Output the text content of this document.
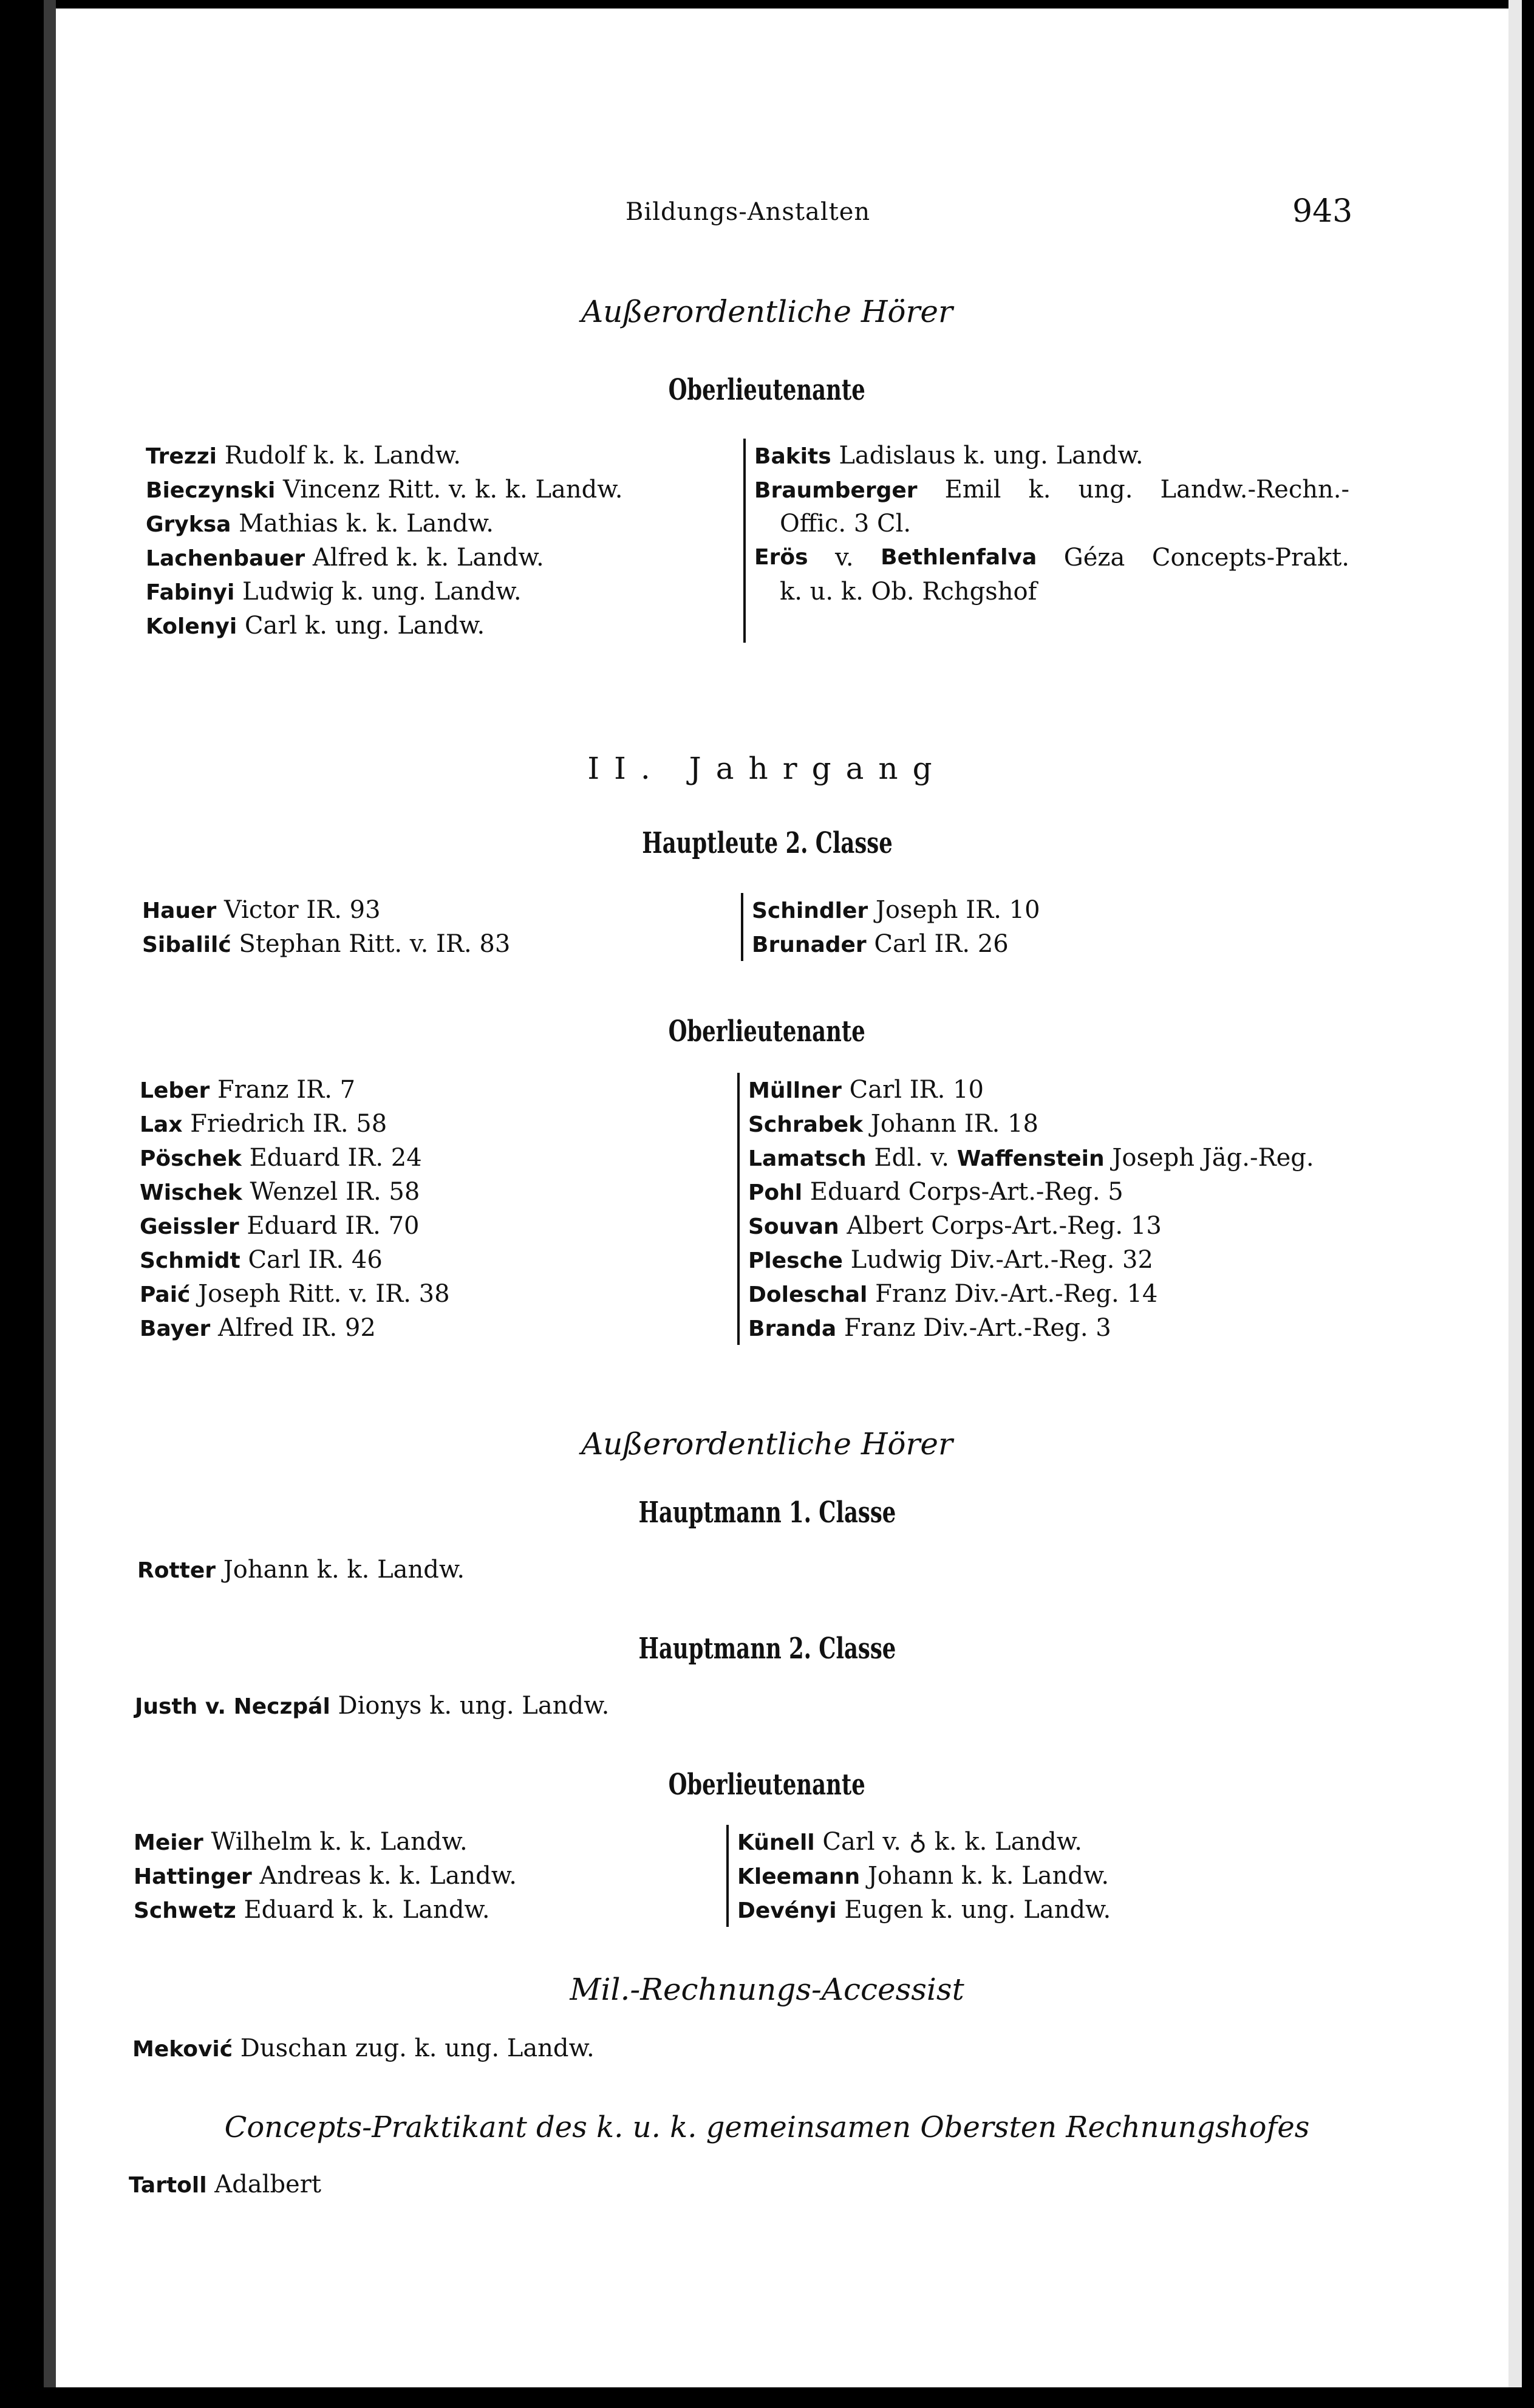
Bildungs-Anstalten	943
Außerordentliche Hörer
Oberlieutenante
Trezzi Rudolf k. k. Landw.
Bieczynski Vincenz Ritt. v. k. k. Landw.
Gryksa Mathias k. k. Landw.
Lachenbauer Alfred k. k. Landw.
Fabinyi Ludwig k. ung. Landw.
Kolenyi Carl k. ung. Landw.
Bakits Ladislaus k. ung. Landw.
Braumberger Emil k. ung. Landw.-Rechn.-
Offic. 3 Cl.
Erös v. Bethlenfalva Géza Concepts-Prakt.
k. u. k. Ob. Rchgshof
II. Jahrgang
Hauptleute 2. Classe
Hauer Victor IR. 93
Sibalilć Stephan Ritt. v. IR. 83
Schindler Joseph IR. 10
Brunader Carl IR. 26
Oberlieutenante
Leber Franz IR. 7
Lax Friedrich IR. 58
Pöschek Eduard IR. 24
Wischek Wenzel IR. 58
Geissler Eduard IR. 70
Schmidt Carl IR. 46
Paić Joseph Ritt. v. IR. 38
Bayer Alfred IR. 92
Müllner Carl IR. 10
Schrabek Johann IR. 18
Lamatsch Edl. v. Waffenstein Joseph Jäg.-Reg.
Pohl Eduard Corps-Art.-Reg. 5
Souvan Albert Corps-Art.-Reg. 13
Plesche Ludwig Div.-Art.-Reg. 32
Doleschal Franz Div.-Art.-Reg. 14
Branda Franz Div.-Art.-Reg. 3
Außerordentliche Hörer
Hauptmann 1. Classe
Rotter Johann k. k. Landw.
Hauptmann 2. Classe
Justh v. Neczpál Dionys k. ung. Landw.
Oberlieutenante
Meier Wilhelm k. k. Landw.
Hattinger Andreas k. k. Landw.
Schwetz Eduard k. k. Landw.
Künell Carl v. ♁ k. k. Landw.
Kleemann Johann k. k. Landw.
Devényi Eugen k. ung. Landw.
Mil.-Rechnungs-Accessist
Meković Duschan zug. k. ung. Landw.
Concepts-Praktikant des k. u. k. gemeinsamen Obersten Rechnungshofes
Tartoll Adalbert
